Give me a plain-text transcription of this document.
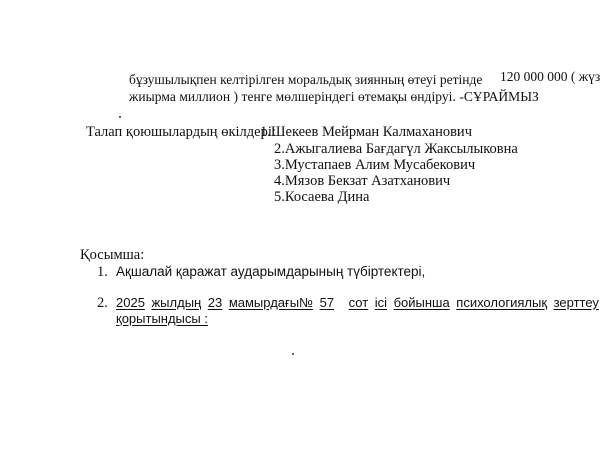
бұзушылықпен келтірілген моральдық зиянның өтеуі ретінде 120 000 000 ( жүз
жиырма миллион ) тенге мөлшеріндегі өтемақы өндіруі. -СҰРАЙМЫЗ
Талап қоюшылардың өкілдері:
1.Шекеев Мейрман Калмаханович
2.Ажыгалиева Бағдагүл Жаксылыковна
3.Мустапаев Алим Мусабекович
4.Мязов Бекзат Азатханович
5.Косаева Дина
Қосымша:
1. Ақшалай қаражат аударымдарының түбіртектері,
2. 2025 жылдың 23 мамырдағы№ 57	сот ісі бойынша психологиялық зерттеу
қорытындысы :
